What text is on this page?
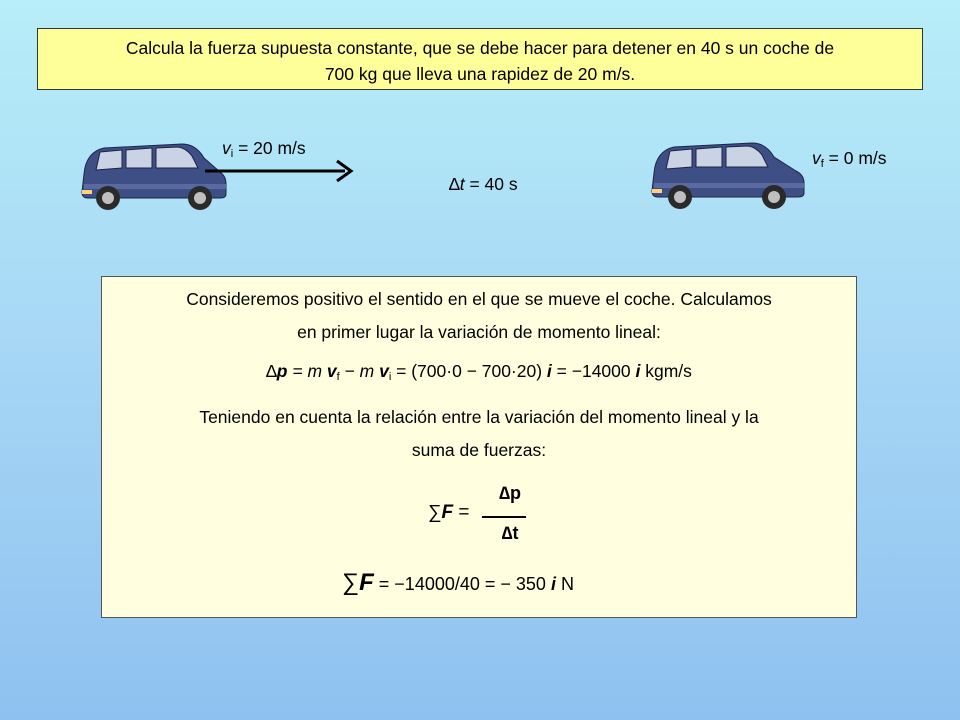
Calcula la fuerza supuesta constante, que se debe hacer para detener en 40 s un coche de
700 kg que lleva una rapidez de 20 m/s.
$v_i = 20$ m/s
∆t = 40 s
$v_f = 0$ m/s
Consideremos positivo el sentido en el que se mueve el coche. Calculamos
en primer lugar la variación de momento lineal:
∆p = m vf − m vi = (700·0 − 700·20) i = −14000 i kgm/s
Teniendo en cuenta la relación entre la variación del momento lineal y la
suma de fuerzas:
∑F =
∆p
∆t
∑F = −14000/40 = − 350 i N
